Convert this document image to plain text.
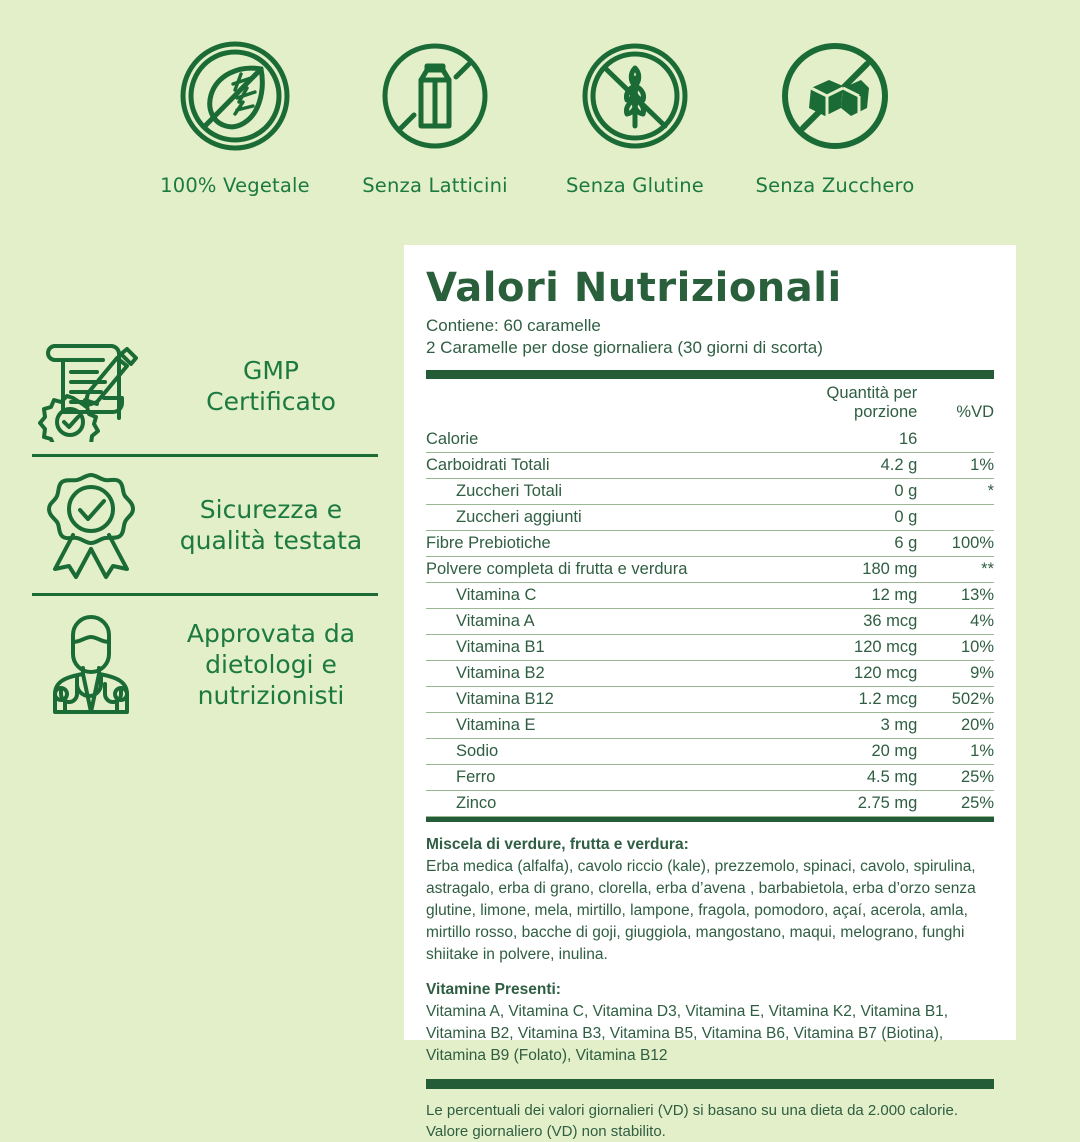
100% Vegetale	Senza Latticini	Senza Glutine	Senza Zucchero
GMP
Certificato
Sicurezza e
qualità testata
Approvata da
dietologi e
nutrizionisti
Valori Nutrizionali
Contiene: 60 caramelle
2 Caramelle per dose giornaliera (30 giorni di scorta)
	Quantità per porzione	%VD
Calorie	16	
Carboidrati Totali	4.2 g	1%
Zuccheri Totali	0 g	*
Zuccheri aggiunti	0 g	
Fibre Prebiotiche	6 g	100%
Polvere completa di frutta e verdura	180 mg	**
Vitamina C	12 mg	13%
Vitamina A	36 mcg	4%
Vitamina B1	120 mcg	10%
Vitamina B2	120 mcg	9%
Vitamina B12	1.2 mcg	502%
Vitamina E	3 mg	20%
Sodio	20 mg	1%
Ferro	4.5 mg	25%
Zinco	2.75 mg	25%
Miscela di verdure, frutta e verdura:
Erba medica (alfalfa), cavolo riccio (kale), prezzemolo, spinaci, cavolo, spirulina, astragalo, erba di grano, clorella, erba d’avena , barbabietola, erba d’orzo senza glutine, limone, mela, mirtillo, lampone, fragola, pomodoro, açaí, acerola, amla, mirtillo rosso, bacche di goji, giuggiola, mangostano, maqui, melograno, funghi shiitake in polvere, inulina.
Vitamine Presenti:
Vitamina A, Vitamina C, Vitamina D3, Vitamina E, Vitamina K2, Vitamina B1, Vitamina B2, Vitamina B3, Vitamina B5, Vitamina B6, Vitamina B7 (Biotina), Vitamina B9 (Folato), Vitamina B12
Le percentuali dei valori giornalieri (VD) si basano su una dieta da 2.000 calorie.
Valore giornaliero (VD) non stabilito.
